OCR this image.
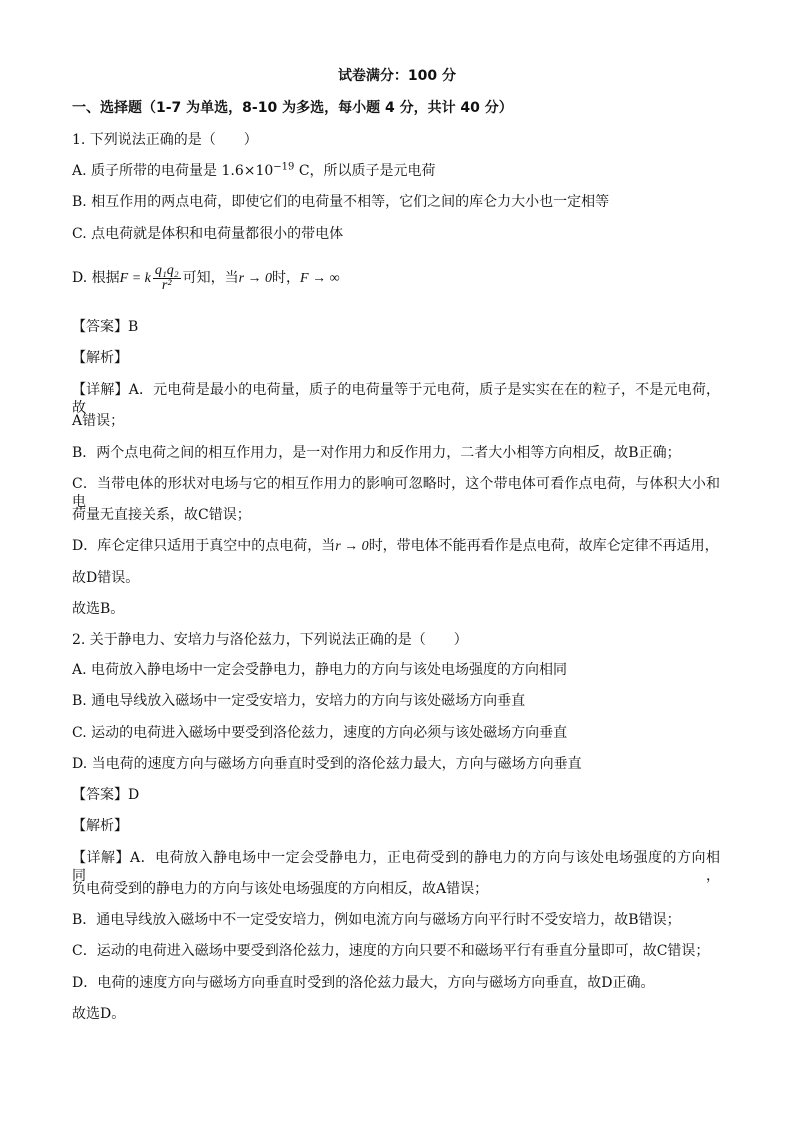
试卷满分：100 分
一、选择题（1-7 为单选，8-10 为多选，每小题 4 分，共计 40 分）
1. 下列说法正确的是（　　）
A. 质子所带的电荷量是 $1.6\times 10^{-19}$ C，所以质子是元电荷
B. 相互作用的两点电荷，即使它们的电荷量不相等，它们之间的库仑力大小也一定相等
C. 点电荷就是体积和电荷量都很小的带电体
D. 根据F = k $\frac{\text{q₁q₂}}{\text{r²}}$ 可知，当r → 0时，F → ∞
【答案】B
【解析】
【详解】A．元电荷是最小的电荷量，质子的电荷量等于元电荷，质子是实实在在的粒子，不是元电荷，故
A错误；
B．两个点电荷之间的相互作用力，是一对作用力和反作用力，二者大小相等方向相反，故B正确；
C．当带电体的形状对电场与它的相互作用力的影响可忽略时，这个带电体可看作点电荷，与体积大小和电
荷量无直接关系，故C错误；
D．库仑定律只适用于真空中的点电荷，当r → 0时，带电体不能再看作是点电荷，故库仑定律不再适用，
故D错误。
故选B。
2. 关于静电力、安培力与洛伦兹力，下列说法正确的是（　　）
A. 电荷放入静电场中一定会受静电力，静电力的方向与该处电场强度的方向相同
B. 通电导线放入磁场中一定受安培力，安培力的方向与该处磁场方向垂直
C. 运动的电荷进入磁场中要受到洛伦兹力，速度的方向必须与该处磁场方向垂直
D. 当电荷的速度方向与磁场方向垂直时受到的洛伦兹力最大，方向与磁场方向垂直
【答案】D
【解析】
【详解】A．电荷放入静电场中一定会受静电力，正电荷受到的静电力的方向与该处电场强度的方向相同，
负电荷受到的静电力的方向与该处电场强度的方向相反，故A错误；
B．通电导线放入磁场中不一定受安培力，例如电流方向与磁场方向平行时不受安培力，故B错误；
C．运动的电荷进入磁场中要受到洛伦兹力，速度的方向只要不和磁场平行有垂直分量即可，故C错误；
D．电荷的速度方向与磁场方向垂直时受到的洛伦兹力最大，方向与磁场方向垂直，故D正确。
故选D。
